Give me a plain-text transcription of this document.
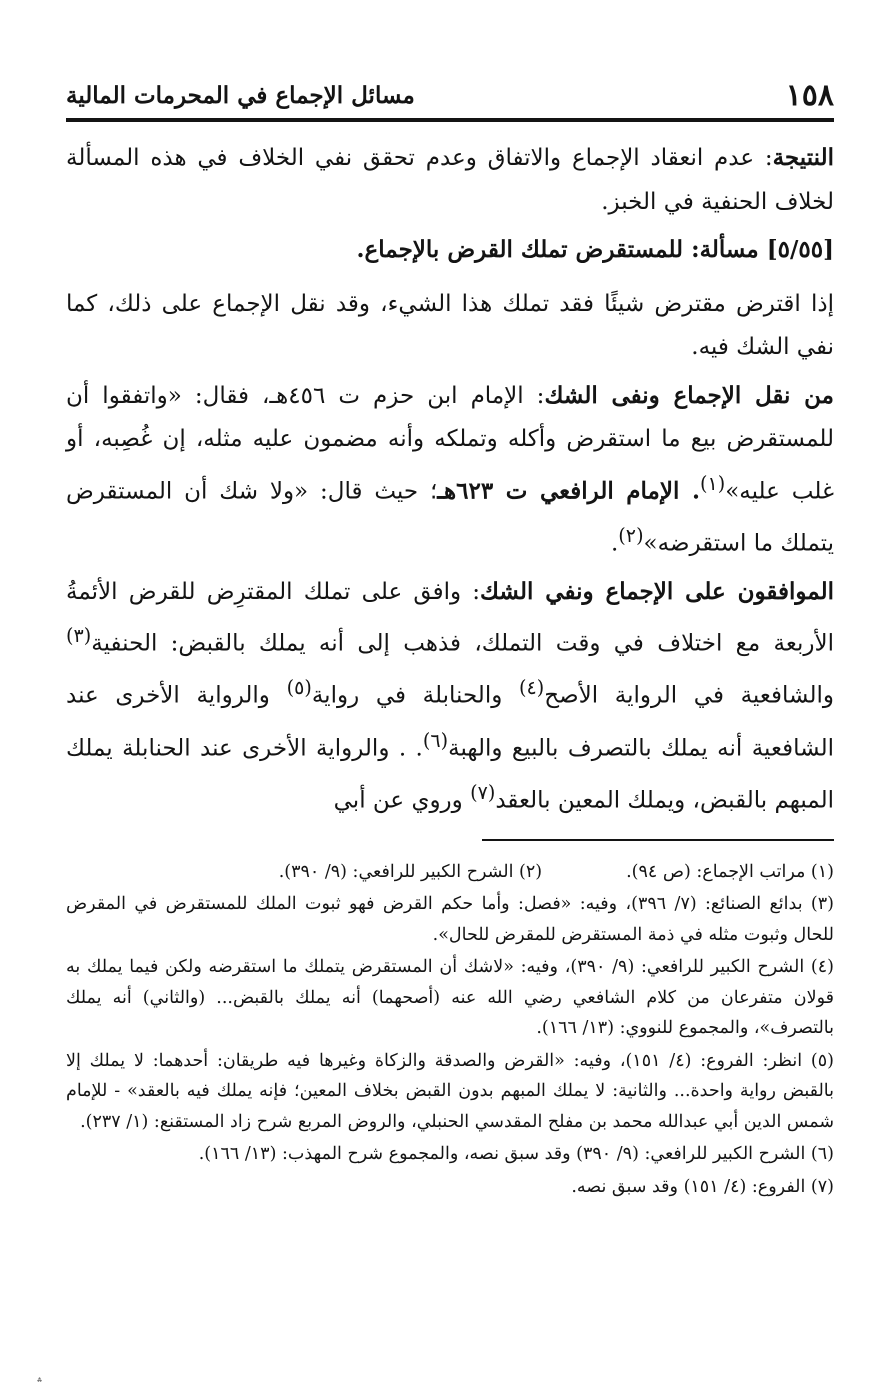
١٥٨
مسائل الإجماع في المحرمات المالية

النتيجة: عدم انعقاد الإجماع والاتفاق وعدم تحقق نفي الخلاف في هذه المسألة لخلاف الحنفية في الخبز.

[٥/٥٥] مسألة: للمستقرض تملك القرض بالإجماع.

إذا اقترض مقترض شيئًا فقد تملك هذا الشيء، وقد نقل الإجماع على ذلك، كما نفي الشك فيه.

من نقل الإجماع ونفى الشك: الإمام ابن حزم ت ٤٥٦هـ، فقال: «واتفقوا أن للمستقرض بيع ما استقرض وأكله وتملكه وأنه مضمون عليه مثله، إن غُصِبه، أو غلب عليه»$^{(١)}$. الإمام الرافعي ت ٦٢٣هـ؛ حيث قال: «ولا شك أن المستقرض يتملك ما استقرضه»$^{(٢)}$.

الموافقون على الإجماع ونفي الشك: وافق على تملك المقترِض للقرض الأئمةُ الأربعة مع اختلاف في وقت التملك، فذهب إلى أنه يملك بالقبض: الحنفية$^{(٣)}$ والشافعية في الرواية الأصح$^{(٤)}$ والحنابلة في رواية$^{(٥)}$ والرواية الأخرى عند الشافعية أنه يملك بالتصرف بالبيع والهبة$^{(٦)}$. . والرواية الأخرى عند الحنابلة يملك المبهم بالقبض، ويملك المعين بالعقد$^{(٧)}$ وروي عن أبي

(١) مراتب الإجماع: (ص ٩٤).

(٢) الشرح الكبير للرافعي: (٩/ ٣٩٠).

(٣) بدائع الصنائع: (٧/ ٣٩٦)، وفيه: «فصل: وأما حكم القرض فهو ثبوت الملك للمستقرض في المقرض للحال وثبوت مثله في ذمة المستقرض للمقرض للحال».

(٤) الشرح الكبير للرافعي: (٩/ ٣٩٠)، وفيه: «لاشك أن المستقرض يتملك ما استقرضه ولكن فيما يملك به قولان متفرعان من كلام الشافعي رضي الله عنه (أصحهما) أنه يملك بالقبض... (والثاني) أنه يملك بالتصرف»، والمجموع للنووي: (١٣/ ١٦٦).

(٥) انظر: الفروع: (٤/ ١٥١)، وفيه: «القرض والصدقة والزكاة وغيرها فيه طريقان: أحدهما: لا يملك إلا بالقبض رواية واحدة... والثانية: لا يملك المبهم بدون القبض بخلاف المعين؛ فإنه يملك فيه بالعقد» - للإمام شمس الدين أبي عبدالله محمد بن مفلح المقدسي الحنبلي، والروض المربع شرح زاد المستقنع: (١/ ٢٣٧).

(٦) الشرح الكبير للرافعي: (٩/ ٣٩٠) وقد سبق نصه، والمجموع شرح المهذب: (١٣/ ١٦٦).

(٧) الفروع: (٤/ ١٥١) وقد سبق نصه.

؞
